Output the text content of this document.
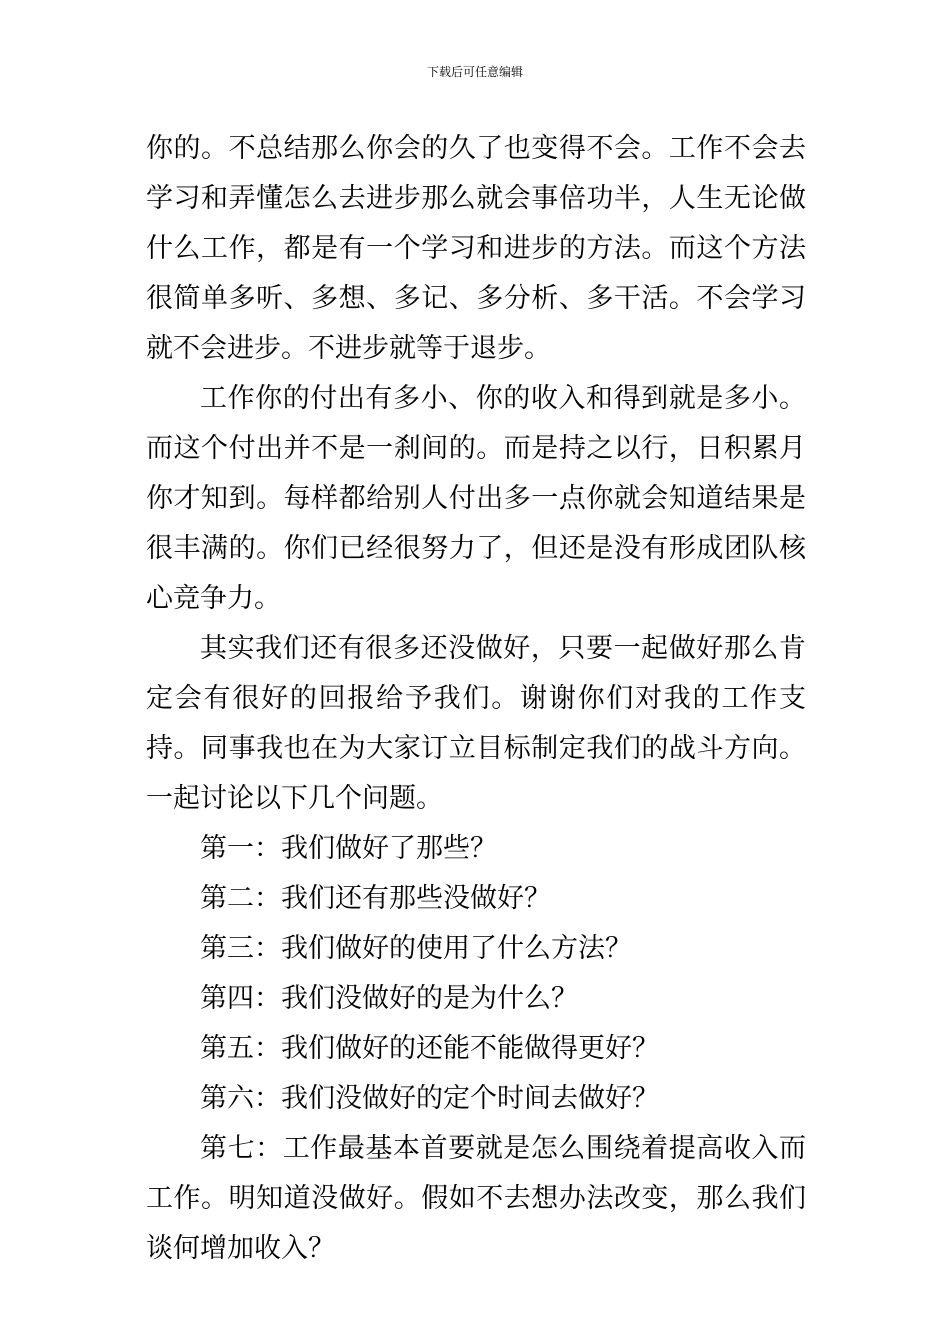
下载后可任意编辑

你的。不总结那么你会的久了也变得不会。工作不会去学习和弄懂怎么去进步那么就会事倍功半，人生无论做什么工作，都是有一个学习和进步的方法。而这个方法很简单多听、多想、多记、多分析、多干活。不会学习就不会进步。不进步就等于退步。

工作你的付出有多小、你的收入和得到就是多小。而这个付出并不是一刹间的。而是持之以行，日积累月你才知到。每样都给别人付出多一点你就会知道结果是很丰满的。你们已经很努力了，但还是没有形成团队核心竞争力。

其实我们还有很多还没做好，只要一起做好那么肯定会有很好的回报给予我们。谢谢你们对我的工作支持。同事我也在为大家订立目标制定我们的战斗方向。一起讨论以下几个问题。

第一：我们做好了那些？

第二：我们还有那些没做好？

第三：我们做好的使用了什么方法？

第四：我们没做好的是为什么？

第五：我们做好的还能不能做得更好？

第六：我们没做好的定个时间去做好？

第七：工作最基本首要就是怎么围绕着提高收入而工作。明知道没做好。假如不去想办法改变，那么我们谈何增加收入？
